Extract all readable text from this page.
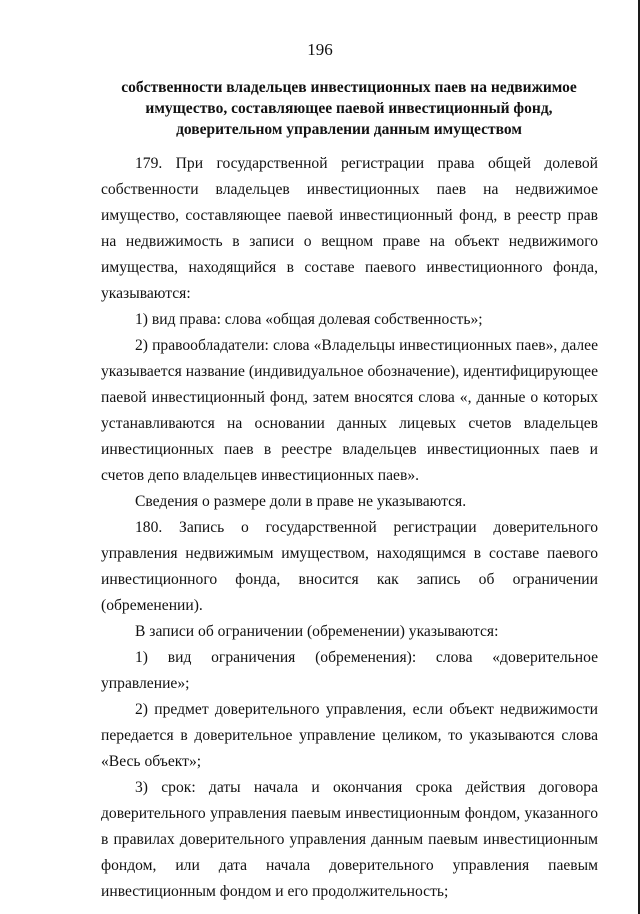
196
собственности владельцев инвестиционных паев на недвижимое имущество, составляющее паевой инвестиционный фонд, доверительном управлении данным имуществом

179. При государственной регистрации права общей долевой собственности владельцев инвестиционных паев на недвижимое имущество, составляющее паевой инвестиционный фонд, в реестр прав на недвижимость в записи о вещном праве на объект недвижимого имущества, находящийся в составе паевого инвестиционного фонда, указываются:

1) вид права: слова «общая долевая собственность»;

2) правообладатели: слова «Владельцы инвестиционных паев», далее указывается название (индивидуальное обозначение), идентифицирующее паевой инвестиционный фонд, затем вносятся слова «, данные о которых устанавливаются на основании данных лицевых счетов владельцев инвестиционных паев в реестре владельцев инвестиционных паев и счетов депо владельцев инвестиционных паев».

Сведения о размере доли в праве не указываются.

180. Запись о государственной регистрации доверительного управления недвижимым имуществом, находящимся в составе паевого инвестиционного фонда, вносится как запись об ограничении (обременении).

В записи об ограничении (обременении) указываются:

1) вид ограничения (обременения): слова «доверительное управление»;

2) предмет доверительного управления, если объект недвижимости передается в доверительное управление целиком, то указываются слова «Весь объект»;

3) срок: даты начала и окончания срока действия договора доверительного управления паевым инвестиционным фондом, указанного в правилах доверительного управления данным паевым инвестиционным фондом, или дата начала доверительного управления паевым инвестиционным фондом и его продолжительность;
